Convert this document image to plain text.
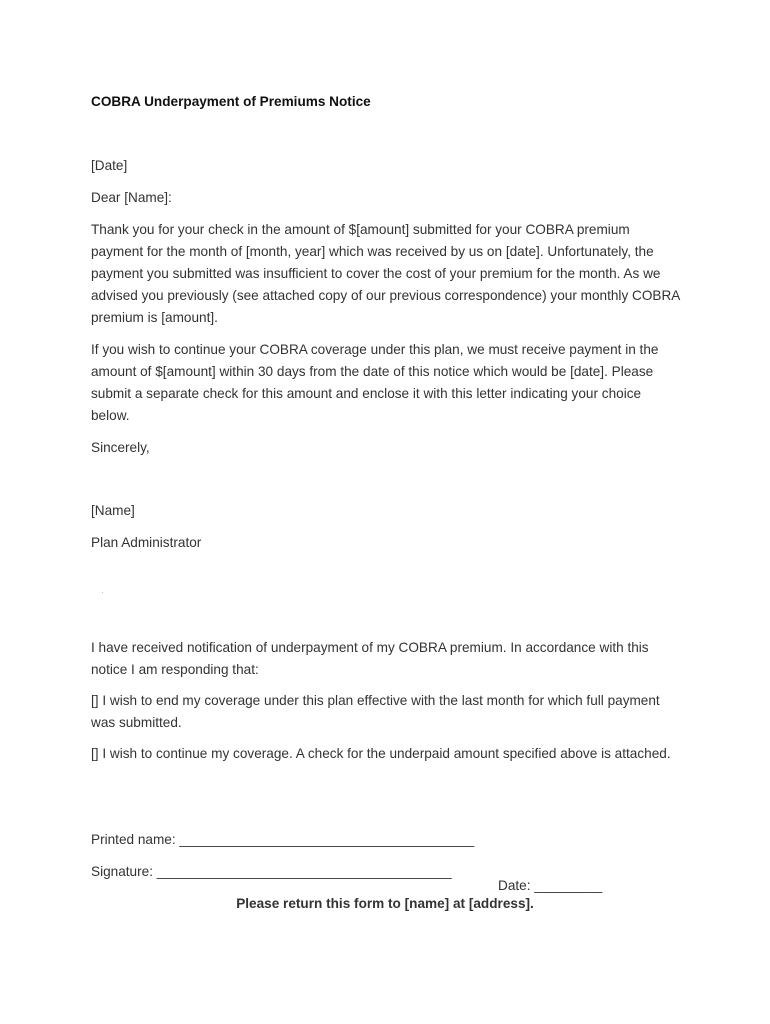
COBRA Underpayment of Premiums Notice

[Date]

Dear [Name]:

Thank you for your check in the amount of $[amount] submitted for your COBRA premium payment for the month of [month, year] which was received by us on [date]. Unfortunately, the payment you submitted was insufficient to cover the cost of your premium for the month. As we advised you previously (see attached copy of our previous correspondence) your monthly COBRA premium is [amount].

If you wish to continue your COBRA coverage under this plan, we must receive payment in the amount of $[amount] within 30 days from the date of this notice which would be [date]. Please submit a separate check for this amount and enclose it with this letter indicating your choice below.

Sincerely,

[Name]

Plan Administrator

I have received notification of underpayment of my COBRA premium. In accordance with this notice I am responding that:

[] I wish to end my coverage under this plan effective with the last month for which full payment was submitted.

[] I wish to continue my coverage. A check for the underpaid amount specified above is attached.

Printed name: _______________________________________

Signature: _______________________________________

Date: _________

Please return this form to [name] at [address].
